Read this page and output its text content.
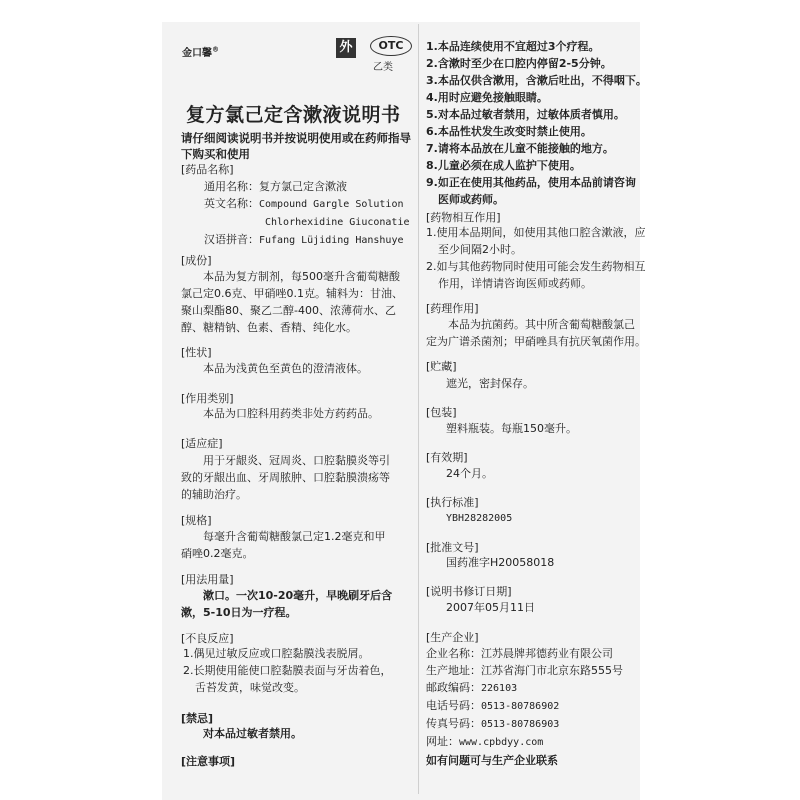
金口馨®	外	OTC
乙类
复方氯己定含漱液说明书
请仔细阅读说明书并按说明使用或在药师指导下购买和使用
[药品名称]
通用名称：复方氯己定含漱液
英文名称：Compound Gargle Solution
Chlorhexidine Giuconatie
汉语拼音：Fufang Lüjiding Hanshuye
[成份]
本品为复方制剂，每500毫升含葡萄糖酸
氯己定0.6克、甲硝唑0.1克。辅料为：甘油、
聚山梨酯80、聚乙二醇-400、浓薄荷水、乙
醇、糖精钠、色素、香精、纯化水。
[性状]
本品为浅黄色至黄色的澄清液体。
[作用类别]
本品为口腔科用药类非处方药药品。
[适应症]
用于牙龈炎、冠周炎、口腔黏膜炎等引
致的牙龈出血、牙周脓肿、口腔黏膜溃疡等
的辅助治疗。
[规格]
每毫升含葡萄糖酸氯己定1.2毫克和甲
硝唑0.2毫克。
[用法用量]
漱口。一次10-20毫升，早晚刷牙后含
漱，5-10日为一疗程。
[不良反应]
1.偶见过敏反应或口腔黏膜浅表脱屑。
2.长期使用能使口腔黏膜表面与牙齿着色，
舌苔发黄，味觉改变。
[禁忌]
对本品过敏者禁用。
[注意事项]
1.本品连续使用不宜超过3个疗程。
2.含漱时至少在口腔内停留2-5分钟。
3.本品仅供含漱用，含漱后吐出，不得咽下。
4.用时应避免接触眼睛。
5.对本品过敏者禁用，过敏体质者慎用。
6.本品性状发生改变时禁止使用。
7.请将本品放在儿童不能接触的地方。
8.儿童必须在成人监护下使用。
9.如正在使用其他药品，使用本品前请咨询
医师或药师。
[药物相互作用]
1.使用本品期间，如使用其他口腔含漱液，应
至少间隔2小时。
2.如与其他药物同时使用可能会发生药物相互
作用，详情请咨询医师或药师。
[药理作用]
本品为抗菌药。其中所含葡萄糖酸氯己
定为广谱杀菌剂；甲硝唑具有抗厌氧菌作用。
[贮藏]
遮光，密封保存。
[包装]
塑料瓶装。每瓶150毫升。
[有效期]
24个月。
[执行标准]
YBH28282005
[批准文号]
国药准字H20058018
[说明书修订日期]
2007年05月11日
[生产企业]
企业名称：江苏晨牌邦德药业有限公司
生产地址：江苏省海门市北京东路555号
邮政编码：226103
电话号码：0513-80786902
传真号码：0513-80786903
网址：www.cpbdyy.com
如有问题可与生产企业联系
